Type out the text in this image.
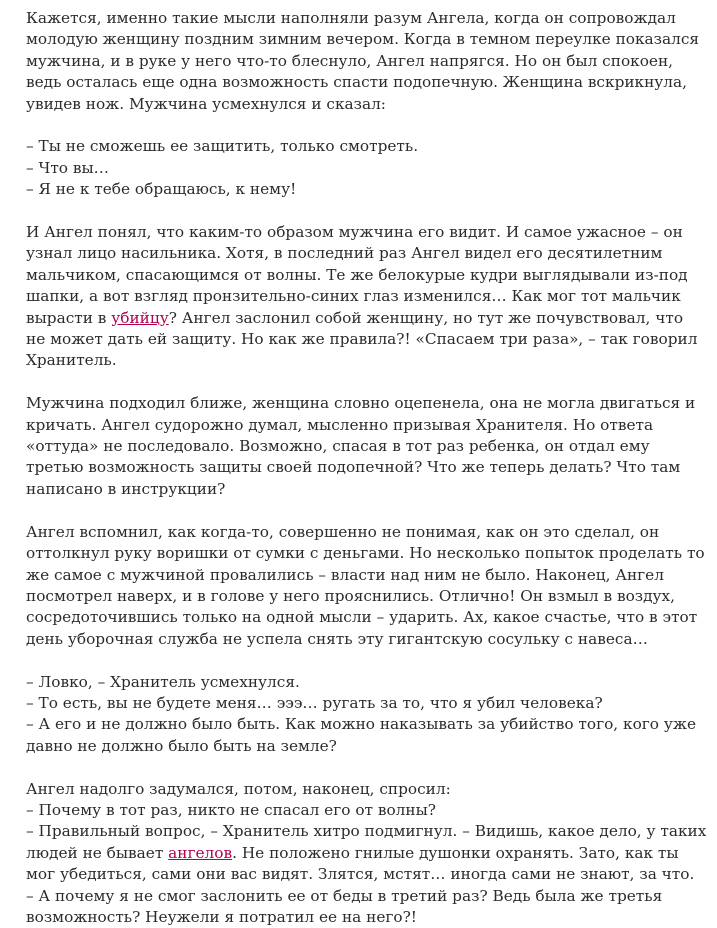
Кажется, именно такие мысли наполняли разум Ангела, когда он сопровождал молодую женщину поздним зимним вечером. Когда в темном переулке показался мужчина, и в руке у него что-то блеснуло, Ангел напрягся. Но он был спокоен, ведь осталась еще одна возможность спасти подопечную. Женщина вскрикнула, увидев нож. Мужчина усмехнулся и сказал:

– Ты не сможешь ее защитить, только смотреть.
– Что вы…
– Я не к тебе обращаюсь, к нему!

И Ангел понял, что каким-то образом мужчина его видит. И самое ужасное – он узнал лицо насильника. Хотя, в последний раз Ангел видел его десятилетним мальчиком, спасающимся от волны. Те же белокурые кудри выглядывали из-под шапки, а вот взгляд пронзительно-синих глаз изменился… Как мог тот мальчик вырасти в убийцу? Ангел заслонил собой женщину, но тут же почувствовал, что не может дать ей защиту. Но как же правила?! «Спасаем три раза», – так говорил Хранитель.

Мужчина подходил ближе, женщина словно оцепенела, она не могла двигаться и кричать. Ангел судорожно думал, мысленно призывая Хранителя. Но ответа «оттуда» не последовало. Возможно, спасая в тот раз ребенка, он отдал ему третью возможность защиты своей подопечной? Что же теперь делать? Что там написано в инструкции?

Ангел вспомнил, как когда-то, совершенно не понимая, как он это сделал, он оттолкнул руку воришки от сумки с деньгами. Но несколько попыток проделать то же самое с мужчиной провалились – власти над ним не было. Наконец, Ангел посмотрел наверх, и в голове у него прояснились. Отлично! Он взмыл в воздух, сосредоточившись только на одной мысли – ударить. Ах, какое счастье, что в этот день уборочная служба не успела снять эту гигантскую сосульку с навеса…

– Ловко, – Хранитель усмехнулся.
– То есть, вы не будете меня… эээ… ругать за то, что я убил человека?
– А его и не должно было быть. Как можно наказывать за убийство того, кого уже давно не должно было быть на земле?

Ангел надолго задумался, потом, наконец, спросил:
– Почему в тот раз, никто не спасал его от волны?
– Правильный вопрос, – Хранитель хитро подмигнул. – Видишь, какое дело, у таких людей не бывает ангелов. Не положено гнилые душонки охранять. Зато, как ты мог убедиться, сами они вас видят. Злятся, мстят… иногда сами не знают, за что.
– А почему я не смог заслонить ее от беды в третий раз? Ведь была же третья возможность? Неужели я потратил ее на него?!
